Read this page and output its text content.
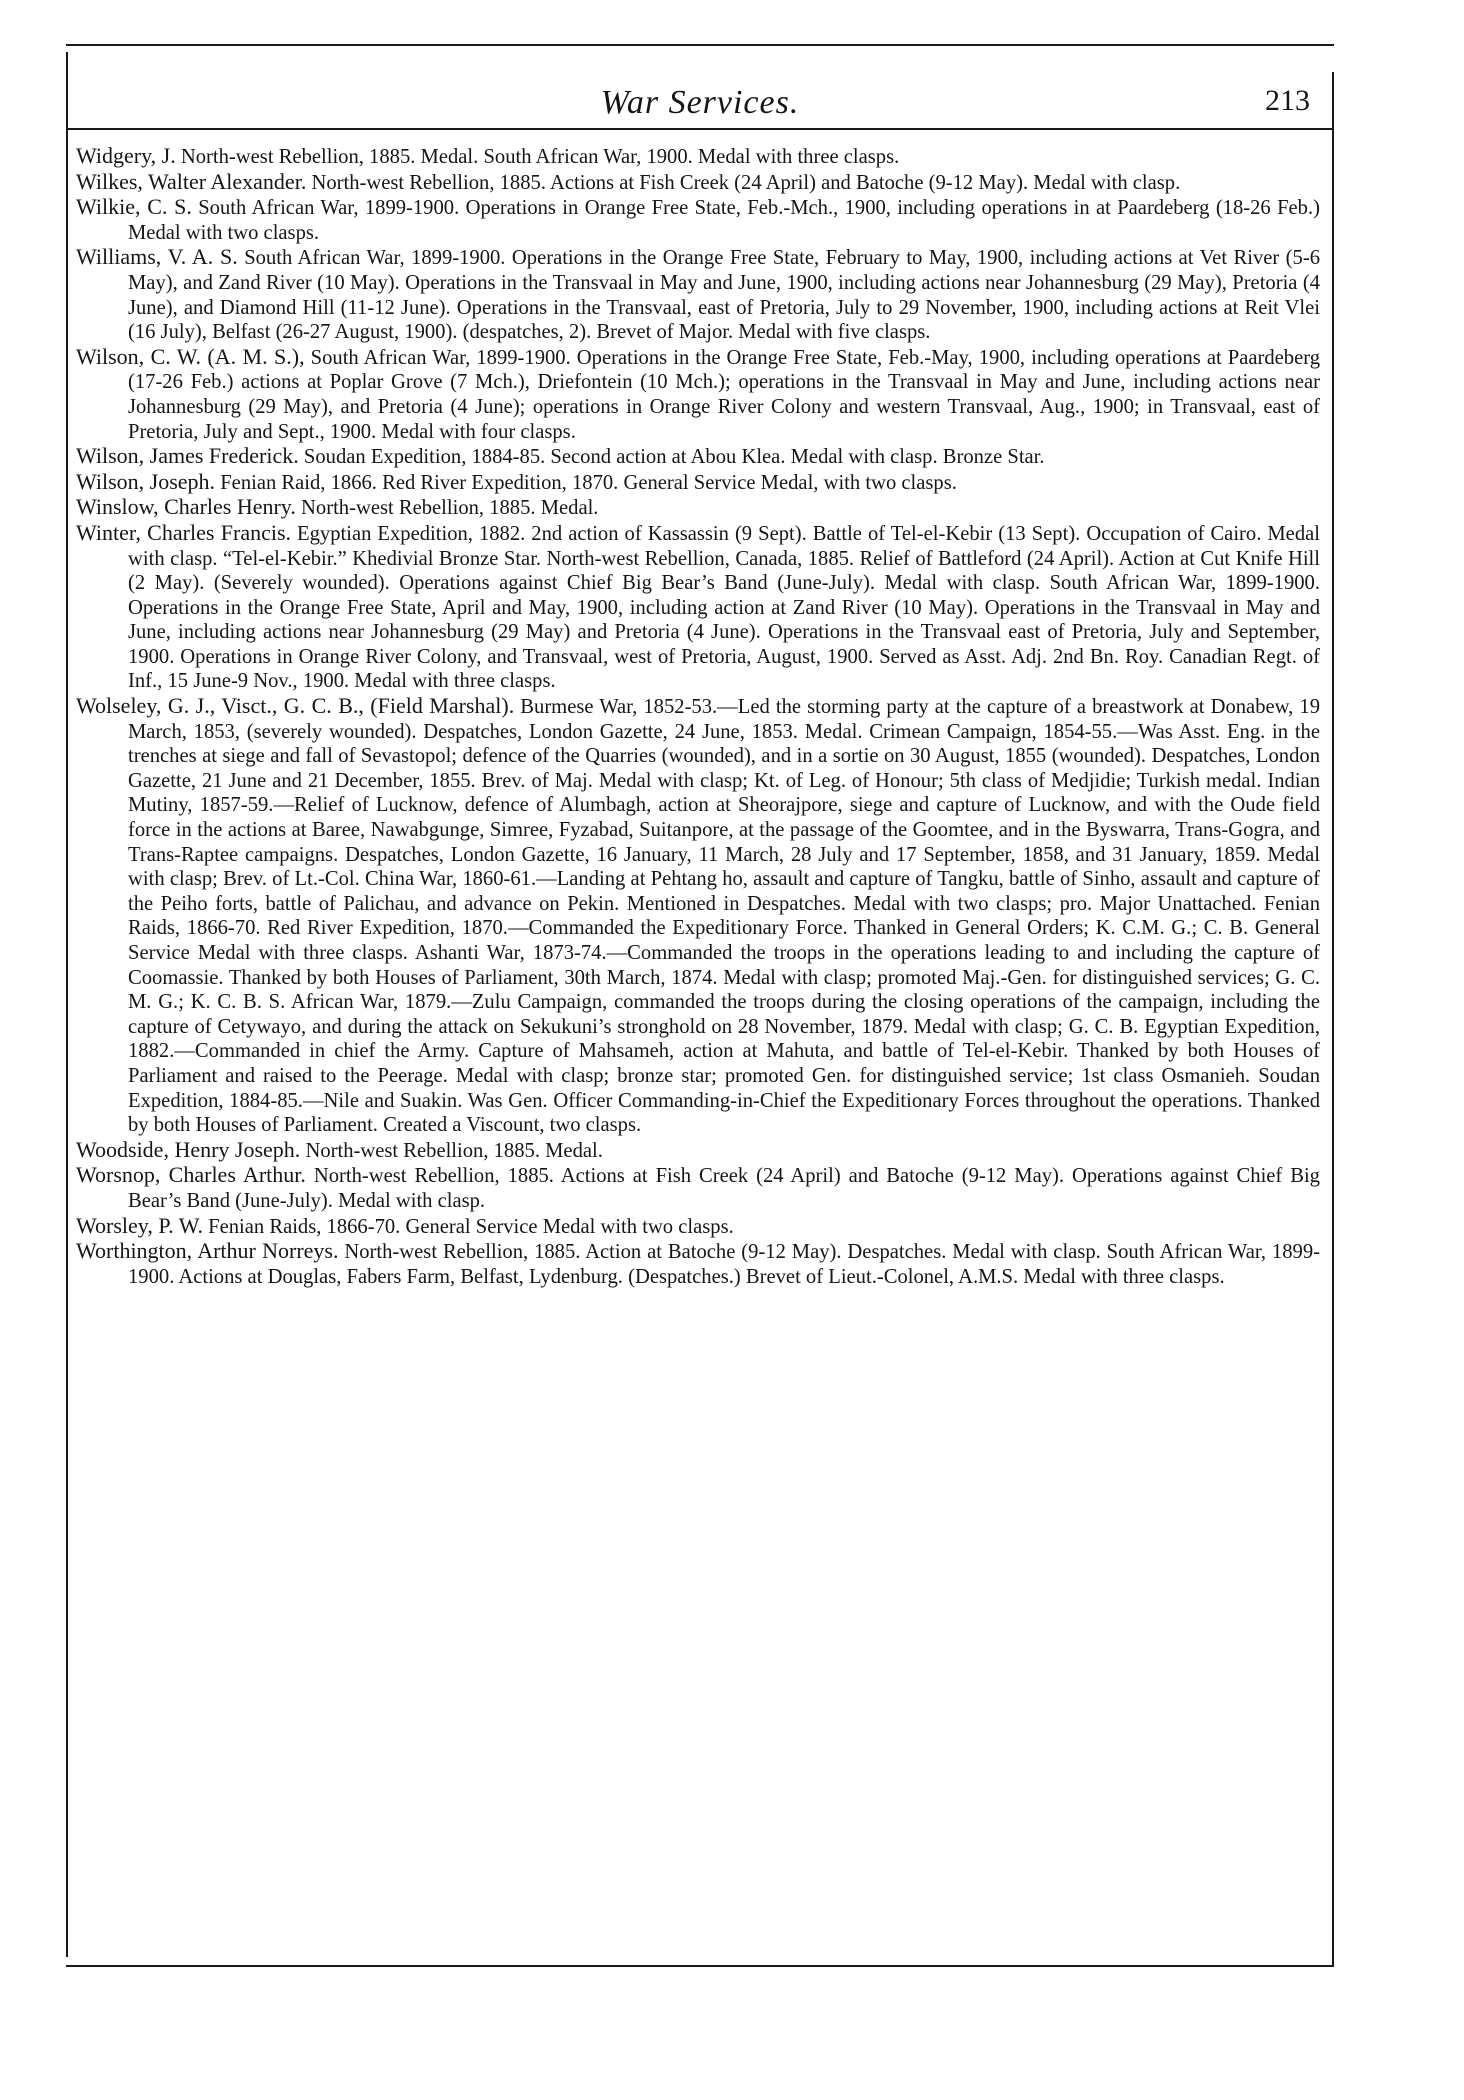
War Services.	213

Widgery, J. North-west Rebellion, 1885. Medal. South African War, 1900. Medal with three clasps.

Wilkes, Walter Alexander. North-west Rebellion, 1885. Actions at Fish Creek (24 April) and Batoche (9-12 May). Medal with clasp.

Wilkie, C. S. South African War, 1899-1900. Operations in Orange Free State, Feb.-Mch., 1900, including operations in at Paardeberg (18-26 Feb.) Medal with two clasps.

Williams, V. A. S. South African War, 1899-1900. Operations in the Orange Free State, February to May, 1900, including actions at Vet River (5-6 May), and Zand River (10 May). Operations in the Transvaal in May and June, 1900, including actions near Johannesburg (29 May), Pretoria (4 June), and Diamond Hill (11-12 June). Operations in the Transvaal, east of Pretoria, July to 29 November, 1900, including actions at Reit Vlei (16 July), Belfast (26-27 August, 1900). (despatches, 2). Brevet of Major. Medal with five clasps.

Wilson, C. W. (A. M. S.), South African War, 1899-1900. Operations in the Orange Free State, Feb.-May, 1900, including operations at Paardeberg (17-26 Feb.) actions at Poplar Grove (7 Mch.), Driefontein (10 Mch.); operations in the Transvaal in May and June, including actions near Johannesburg (29 May), and Pretoria (4 June); operations in Orange River Colony and western Transvaal, Aug., 1900; in Transvaal, east of Pretoria, July and Sept., 1900. Medal with four clasps.

Wilson, James Frederick. Soudan Expedition, 1884-85. Second action at Abou Klea. Medal with clasp. Bronze Star.

Wilson, Joseph. Fenian Raid, 1866. Red River Expedition, 1870. General Service Medal, with two clasps.

Winslow, Charles Henry. North-west Rebellion, 1885. Medal.

Winter, Charles Francis. Egyptian Expedition, 1882. 2nd action of Kassassin (9 Sept). Battle of Tel-el-Kebir (13 Sept). Occupation of Cairo. Medal with clasp. “Tel-el-Kebir.” Khedivial Bronze Star. North-west Rebellion, Canada, 1885. Relief of Battleford (24 April). Action at Cut Knife Hill (2 May). (Severely wounded). Operations against Chief Big Bear’s Band (June-July). Medal with clasp. South African War, 1899-1900. Operations in the Orange Free State, April and May, 1900, including action at Zand River (10 May). Operations in the Transvaal in May and June, including actions near Johannesburg (29 May) and Pretoria (4 June). Operations in the Transvaal east of Pretoria, July and September, 1900. Operations in Orange River Colony, and Transvaal, west of Pretoria, August, 1900. Served as Asst. Adj. 2nd Bn. Roy. Canadian Regt. of Inf., 15 June-9 Nov., 1900. Medal with three clasps.

Wolseley, G. J., Visct., G. C. B., (Field Marshal). Burmese War, 1852-53.—Led the storming party at the capture of a breastwork at Donabew, 19 March, 1853, (severely wounded). Despatches, London Gazette, 24 June, 1853. Medal. Crimean Campaign, 1854-55.—Was Asst. Eng. in the trenches at siege and fall of Sevastopol; defence of the Quarries (wounded), and in a sortie on 30 August, 1855 (wounded). Despatches, London Gazette, 21 June and 21 December, 1855. Brev. of Maj. Medal with clasp; Kt. of Leg. of Honour; 5th class of Medjidie; Turkish medal. Indian Mutiny, 1857-59.—Relief of Lucknow, defence of Alumbagh, action at Sheorajpore, siege and capture of Lucknow, and with the Oude field force in the actions at Baree, Nawabgunge, Simree, Fyzabad, Suitanpore, at the passage of the Goomtee, and in the Byswarra, Trans-Gogra, and Trans-Raptee campaigns. Despatches, London Gazette, 16 January, 11 March, 28 July and 17 September, 1858, and 31 January, 1859. Medal with clasp; Brev. of Lt.-Col. China War, 1860-61.—Landing at Pehtang ho, assault and capture of Tangku, battle of Sinho, assault and capture of the Peiho forts, battle of Palichau, and advance on Pekin. Mentioned in Despatches. Medal with two clasps; pro. Major Unattached. Fenian Raids, 1866-70. Red River Expedition, 1870.—Commanded the Expeditionary Force. Thanked in General Orders; K. C.M. G.; C. B. General Service Medal with three clasps. Ashanti War, 1873-74.—Commanded the troops in the operations leading to and including the capture of Coomassie. Thanked by both Houses of Parliament, 30th March, 1874. Medal with clasp; promoted Maj.-Gen. for distinguished services; G. C. M. G.; K. C. B. S. African War, 1879.—Zulu Campaign, commanded the troops during the closing operations of the campaign, including the capture of Cetywayo, and during the attack on Sekukuni’s stronghold on 28 November, 1879. Medal with clasp; G. C. B. Egyptian Expedition, 1882.—Commanded in chief the Army. Capture of Mahsameh, action at Mahuta, and battle of Tel-el-Kebir. Thanked by both Houses of Parliament and raised to the Peerage. Medal with clasp; bronze star; promoted Gen. for distinguished service; 1st class Osmanieh. Soudan Expedition, 1884-85.—Nile and Suakin. Was Gen. Officer Commanding-in-Chief the Expeditionary Forces throughout the operations. Thanked by both Houses of Parliament. Created a Viscount, two clasps.

Woodside, Henry Joseph. North-west Rebellion, 1885. Medal.

Worsnop, Charles Arthur. North-west Rebellion, 1885. Actions at Fish Creek (24 April) and Batoche (9-12 May). Operations against Chief Big Bear’s Band (June-July). Medal with clasp.

Worsley, P. W. Fenian Raids, 1866-70. General Service Medal with two clasps.

Worthington, Arthur Norreys. North-west Rebellion, 1885. Action at Batoche (9-12 May). Despatches. Medal with clasp. South African War, 1899-1900. Actions at Douglas, Fabers Farm, Belfast, Lydenburg. (Despatches.) Brevet of Lieut.-Colonel, A.M.S. Medal with three clasps.
